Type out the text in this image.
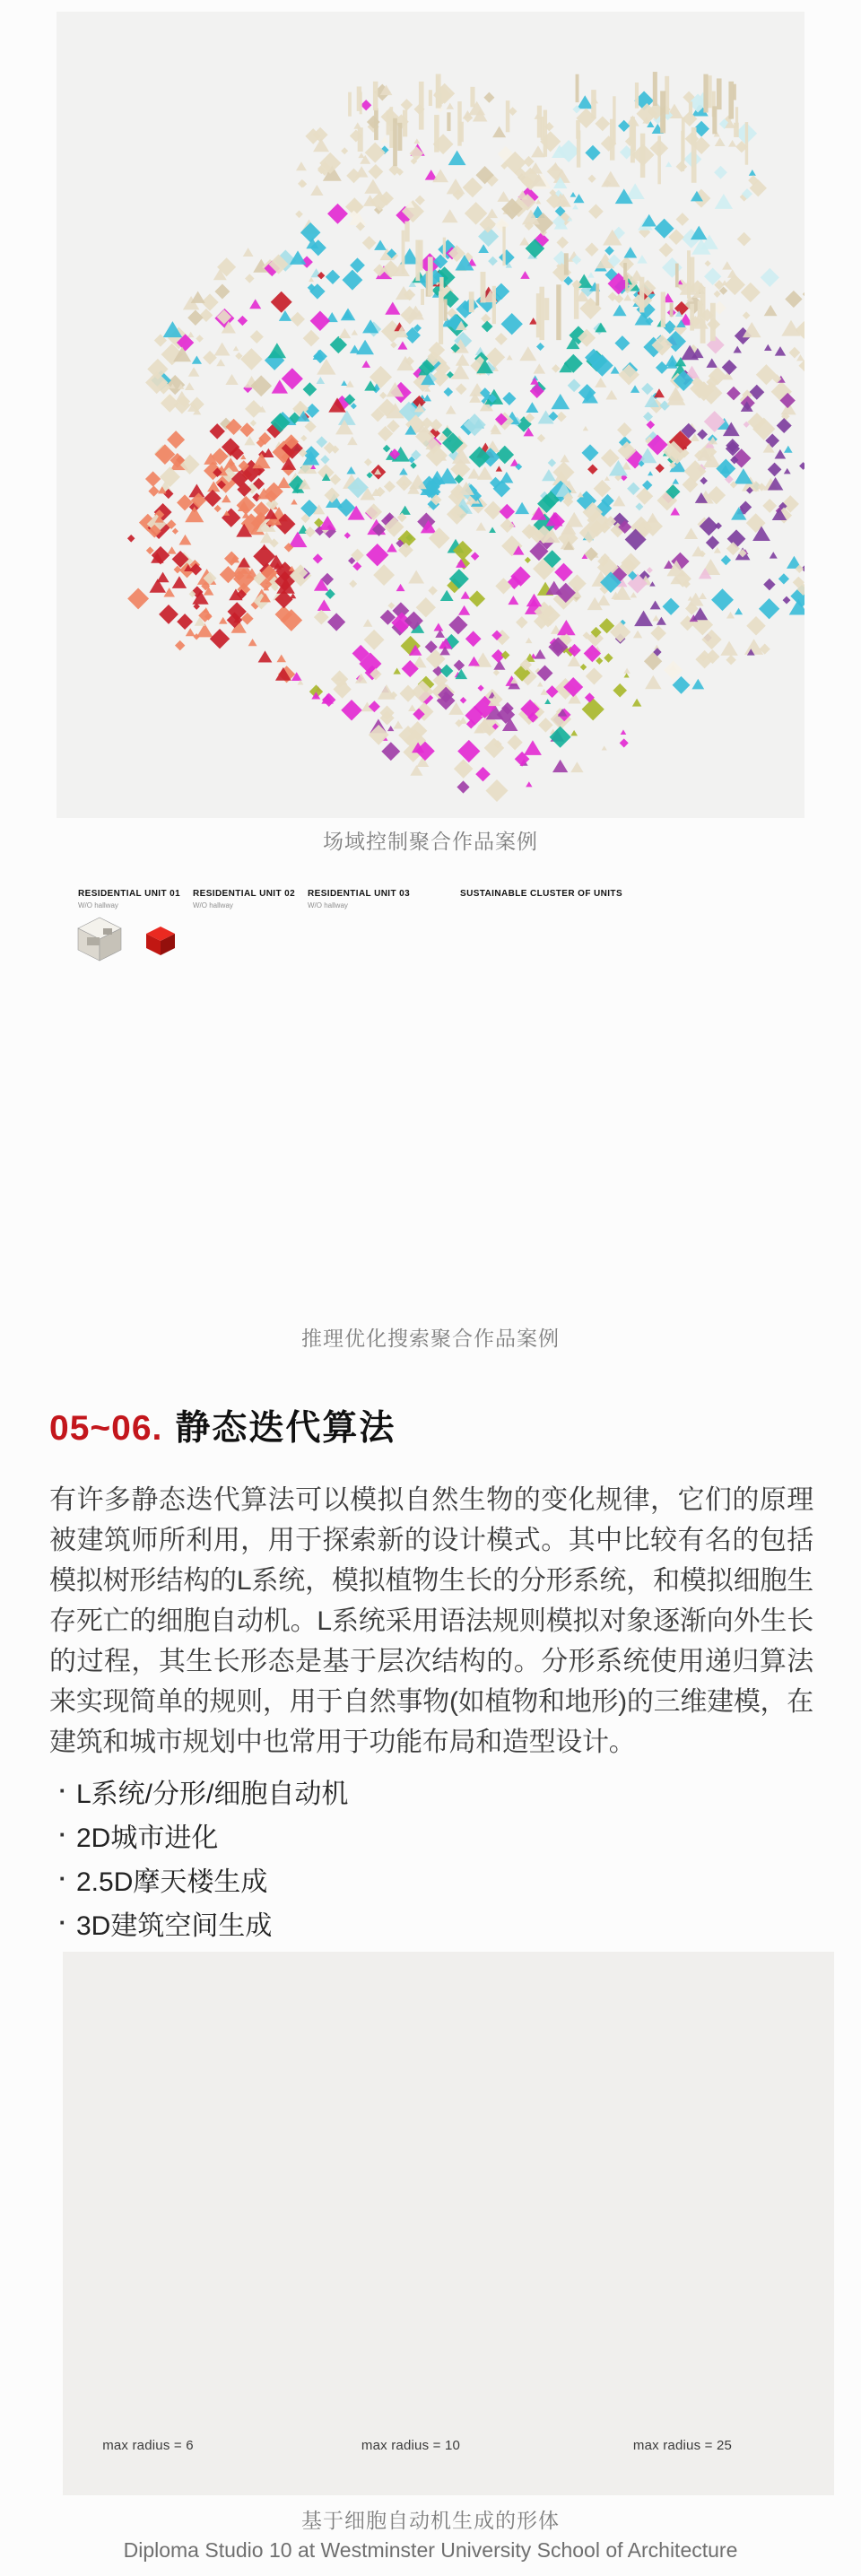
场域控制聚合作品案例
RESIDENTIAL UNIT 01 RESIDENTIAL UNIT 02 RESIDENTIAL UNIT 03
W/O hallway	W/O hallway	W/O hallway
SUSTAINABLE CLUSTER OF UNITS
推理优化搜索聚合作品案例
05~06. 静态迭代算法
有许多静态迭代算法可以模拟自然生物的变化规律，它们的原理被建筑师所利用，用于探索新的设计模式。其中比较有名的包括模拟树形结构的L系统，模拟植物生长的分形系统，和模拟细胞生存死亡的细胞自动机。L系统采用语法规则模拟对象逐渐向外生长的过程，其生长形态是基于层次结构的。分形系统使用递归算法来实现简单的规则，用于自然事物(如植物和地形)的三维建模，在建筑和城市规划中也常用于功能布局和造型设计。
· L系统/分形/细胞自动机
· 2D城市进化
· 2.5D摩天楼生成
· 3D建筑空间生成
max radius = 6	max radius = 10	max radius = 25
基于细胞自动机生成的形体
Diploma Studio 10 at Westminster University School of Architecture
